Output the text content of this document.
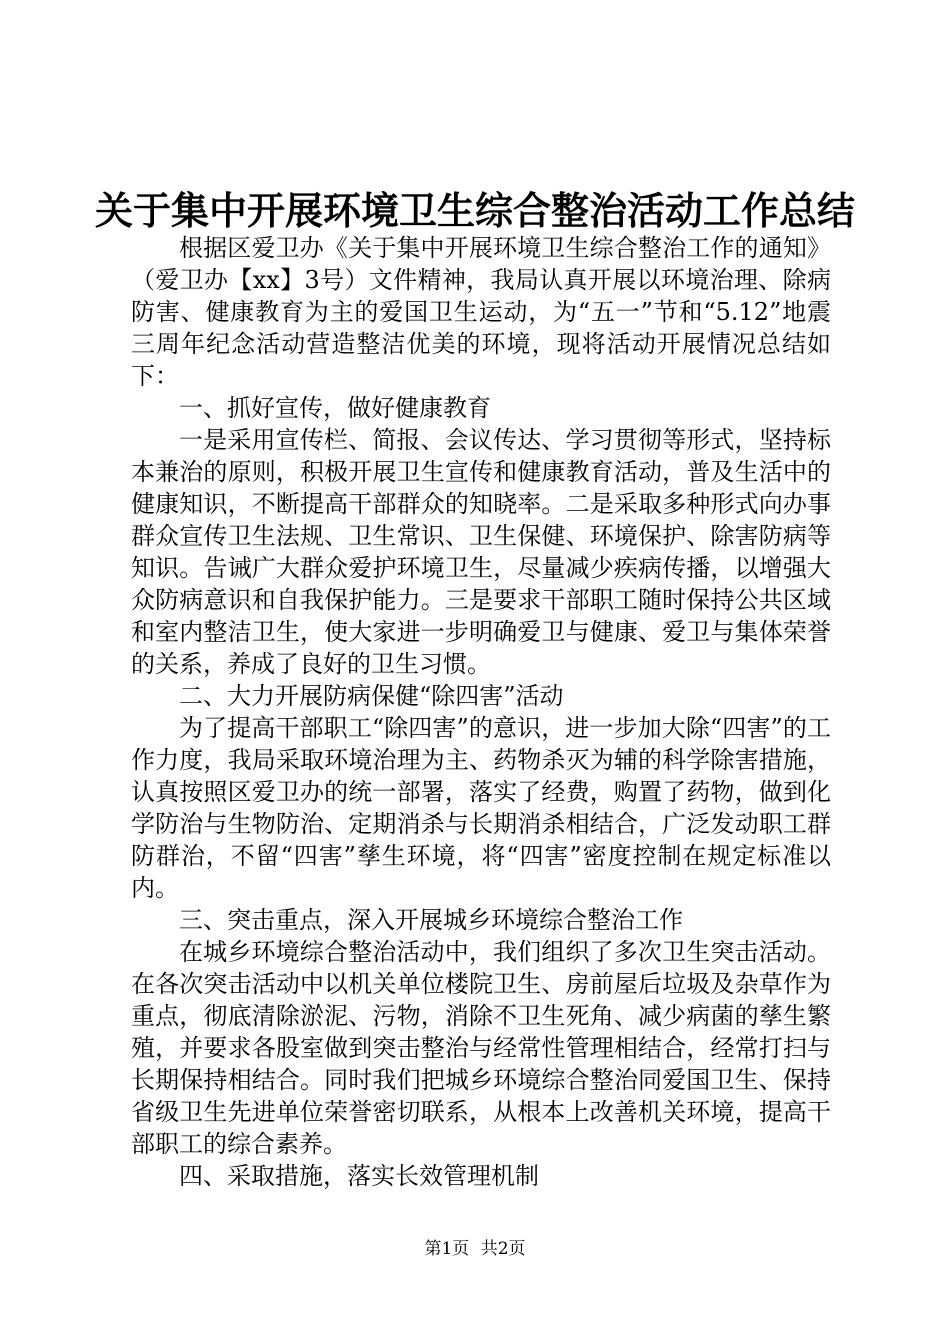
关于集中开展环境卫生综合整治活动工作总结

根据区爱卫办《关于集中开展环境卫生综合整治工作的通知》（爱卫办【xx】3号）文件精神，我局认真开展以环境治理、除病防害、健康教育为主的爱国卫生运动，为“五一”节和“5.12”地震三周年纪念活动营造整洁优美的环境，现将活动开展情况总结如下：

一、抓好宣传，做好健康教育

一是采用宣传栏、简报、会议传达、学习贯彻等形式，坚持标本兼治的原则，积极开展卫生宣传和健康教育活动，普及生活中的健康知识，不断提高干部群众的知晓率。二是采取多种形式向办事群众宣传卫生法规、卫生常识、卫生保健、环境保护、除害防病等知识。告诫广大群众爱护环境卫生，尽量减少疾病传播，以增强大众防病意识和自我保护能力。三是要求干部职工随时保持公共区域和室内整洁卫生，使大家进一步明确爱卫与健康、爱卫与集体荣誉的关系，养成了良好的卫生习惯。

二、大力开展防病保健“除四害”活动

为了提高干部职工“除四害”的意识，进一步加大除“四害”的工作力度，我局采取环境治理为主、药物杀灭为辅的科学除害措施，认真按照区爱卫办的统一部署，落实了经费，购置了药物，做到化学防治与生物防治、定期消杀与长期消杀相结合，广泛发动职工群防群治，不留“四害”孳生环境，将“四害”密度控制在规定标准以内。

三、突击重点，深入开展城乡环境综合整治工作

在城乡环境综合整治活动中，我们组织了多次卫生突击活动。在各次突击活动中以机关单位楼院卫生、房前屋后垃圾及杂草作为重点，彻底清除淤泥、污物，消除不卫生死角、减少病菌的孳生繁殖，并要求各股室做到突击整治与经常性管理相结合，经常打扫与长期保持相结合。同时我们把城乡环境综合整治同爱国卫生、保持省级卫生先进单位荣誉密切联系，从根本上改善机关环境，提高干部职工的综合素养。

四、采取措施，落实长效管理机制

第1页 共2页
